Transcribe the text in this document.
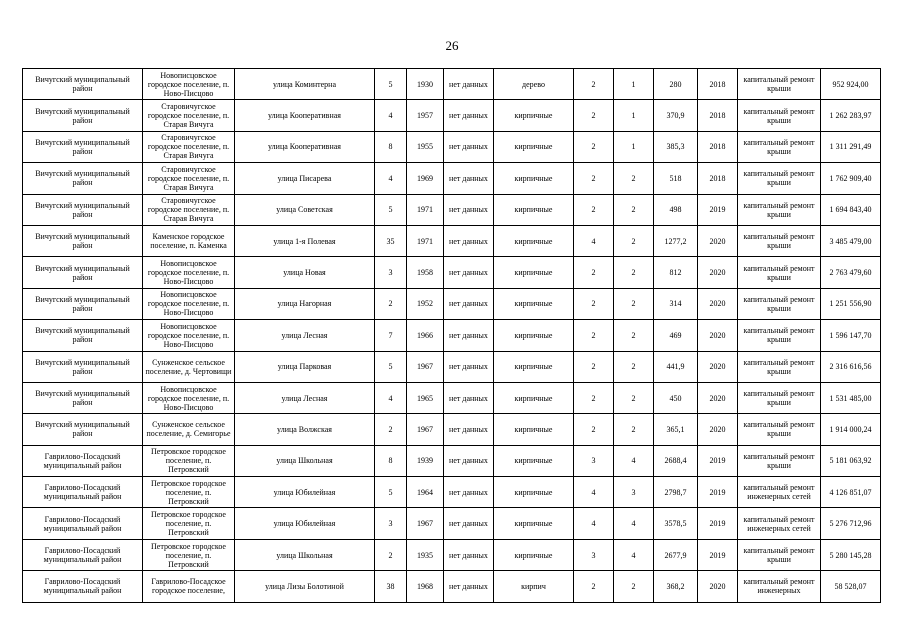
26
Вичугский муниципальный район	Новописцовское городское поселение, п. Ново-Писцово	улица Коминтерна	5	1930	нет данных	дерево	2	1	280	2018	капитальный ремонт крыши	952 924,00
Вичугский муниципальный район	Старовичугское городское поселение, п. Старая Вичуга	улица Кооперативная	4	1957	нет данных	кирпичные	2	1	370,9	2018	капитальный ремонт крыши	1 262 283,97
Вичугский муниципальный район	Старовичугское городское поселение, п. Старая Вичуга	улица Кооперативная	8	1955	нет данных	кирпичные	2	1	385,3	2018	капитальный ремонт крыши	1 311 291,49
Вичугский муниципальный район	Старовичугское городское поселение, п. Старая Вичуга	улица Писарева	4	1969	нет данных	кирпичные	2	2	518	2018	капитальный ремонт крыши	1 762 909,40
Вичугский муниципальный район	Старовичугское городское поселение, п. Старая Вичуга	улица Советская	5	1971	нет данных	кирпичные	2	2	498	2019	капитальный ремонт крыши	1 694 843,40
Вичугский муниципальный район	Каменское городское поселение, п. Каменка	улица 1-я Полевая	35	1971	нет данных	кирпичные	4	2	1277,2	2020	капитальный ремонт крыши	3 485 479,00
Вичугский муниципальный район	Новописцовское городское поселение, п. Ново-Писцово	улица Новая	3	1958	нет данных	кирпичные	2	2	812	2020	капитальный ремонт крыши	2 763 479,60
Вичугский муниципальный район	Новописцовское городское поселение, п. Ново-Писцово	улица Нагорная	2	1952	нет данных	кирпичные	2	2	314	2020	капитальный ремонт крыши	1 251 556,90
Вичугский муниципальный район	Новописцовское городское поселение, п. Ново-Писцово	улица Лесная	7	1966	нет данных	кирпичные	2	2	469	2020	капитальный ремонт крыши	1 596 147,70
Вичугский муниципальный район	Сунженское сельское поселение, д. Чертовищи	улица Парковая	5	1967	нет данных	кирпичные	2	2	441,9	2020	капитальный ремонт крыши	2 316 616,56
Вичугский муниципальный район	Новописцовское городское поселение, п. Ново-Писцово	улица Лесная	4	1965	нет данных	кирпичные	2	2	450	2020	капитальный ремонт крыши	1 531 485,00
Вичугский муниципальный район	Сунженское сельское поселение, д. Семигорье	улица Волжская	2	1967	нет данных	кирпичные	2	2	365,1	2020	капитальный ремонт крыши	1 914 000,24
Гаврилово-Посадский муниципальный район	Петровское городское поселение, п. Петровский	улица Школьная	8	1939	нет данных	кирпичные	3	4	2688,4	2019	капитальный ремонт крыши	5 181 063,92
Гаврилово-Посадский муниципальный район	Петровское городское поселение, п. Петровский	улица Юбилейная	5	1964	нет данных	кирпичные	4	3	2798,7	2019	капитальный ремонт инженерных сетей	4 126 851,07
Гаврилово-Посадский муниципальный район	Петровское городское поселение, п. Петровский	улица Юбилейная	3	1967	нет данных	кирпичные	4	4	3578,5	2019	капитальный ремонт инженерных сетей	5 276 712,96
Гаврилово-Посадский муниципальный район	Петровское городское поселение, п. Петровский	улица Школьная	2	1935	нет данных	кирпичные	3	4	2677,9	2019	капитальный ремонт крыши	5 280 145,28
Гаврилово-Посадский муниципальный район	Гаврилово-Посадское городское поселение,	улица Лизы Болотиной	38	1968	нет данных	кирпич	2	2	368,2	2020	капитальный ремонт инженерных	58 528,07
